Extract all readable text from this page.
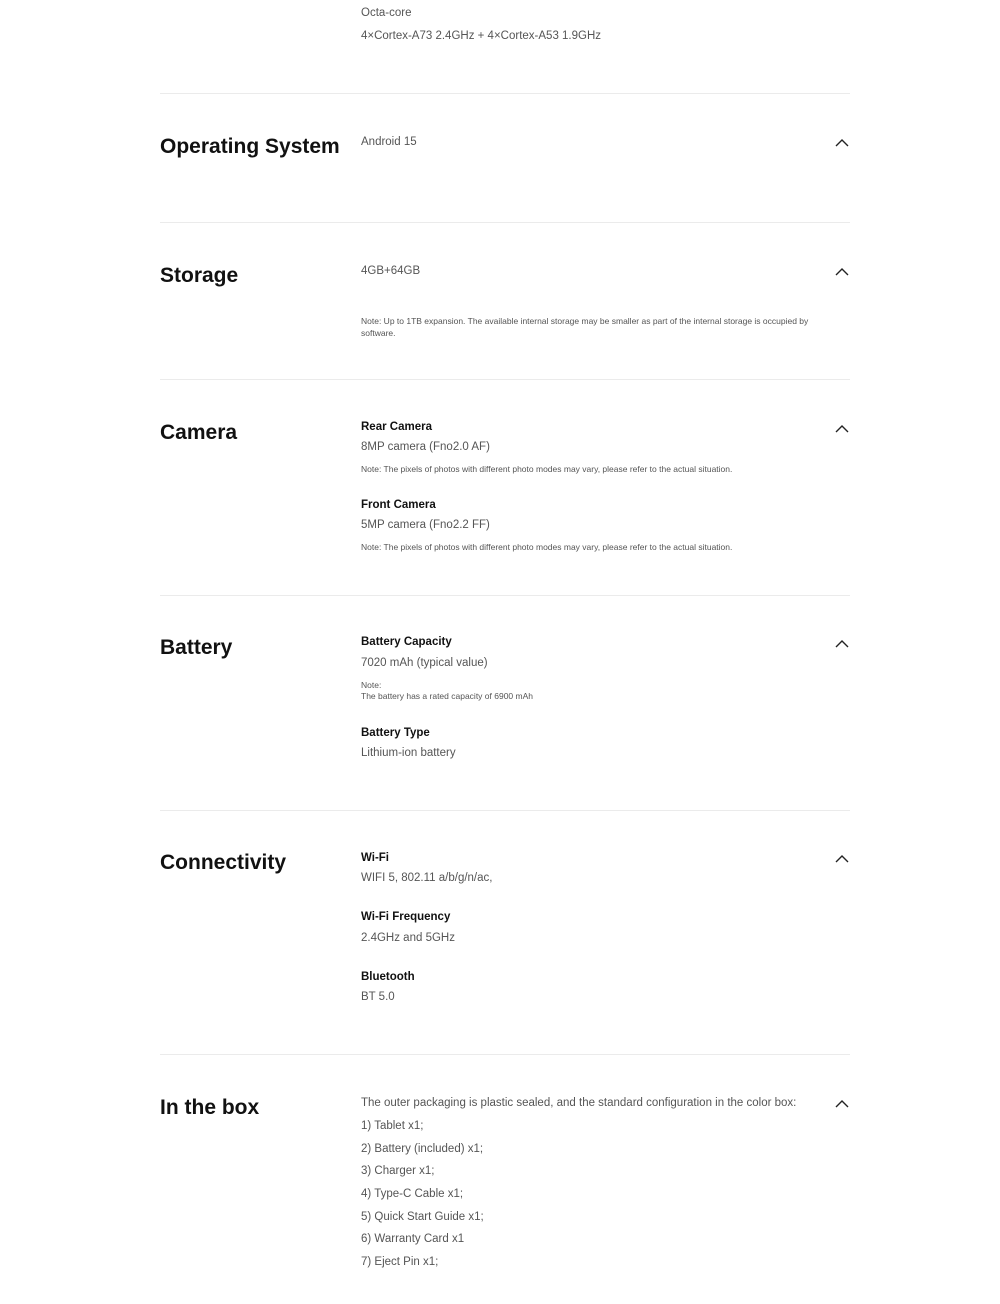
Octa-core
4×Cortex-A73 2.4GHz + 4×Cortex-A53 1.9GHz
Operating System Android 15
Storage	4GB+64GB
Note: Up to 1TB expansion. The available internal storage may be smaller as part of the internal storage is occupied by software.
Camera	Rear Camera
8MP camera (Fno2.0 AF)
Note: The pixels of photos with different photo modes may vary, please refer to the actual situation.
Front Camera
5MP camera (Fno2.2 FF)
Note: The pixels of photos with different photo modes may vary, please refer to the actual situation.
Battery	Battery Capacity
7020 mAh (typical value)
Note:
The battery has a rated capacity of 6900 mAh
Battery Type
Lithium-ion battery
Connectivity	Wi-Fi
WIFI 5, 802.11 a/b/g/n/ac,
Wi-Fi Frequency
2.4GHz and 5GHz
Bluetooth
BT 5.0
In the box	The outer packaging is plastic sealed, and the standard configuration in the color box:
1) Tablet x1;
2) Battery (included) x1;
3) Charger x1;
4) Type-C Cable x1;
5) Quick Start Guide x1;
6) Warranty Card x1
7) Eject Pin x1;
